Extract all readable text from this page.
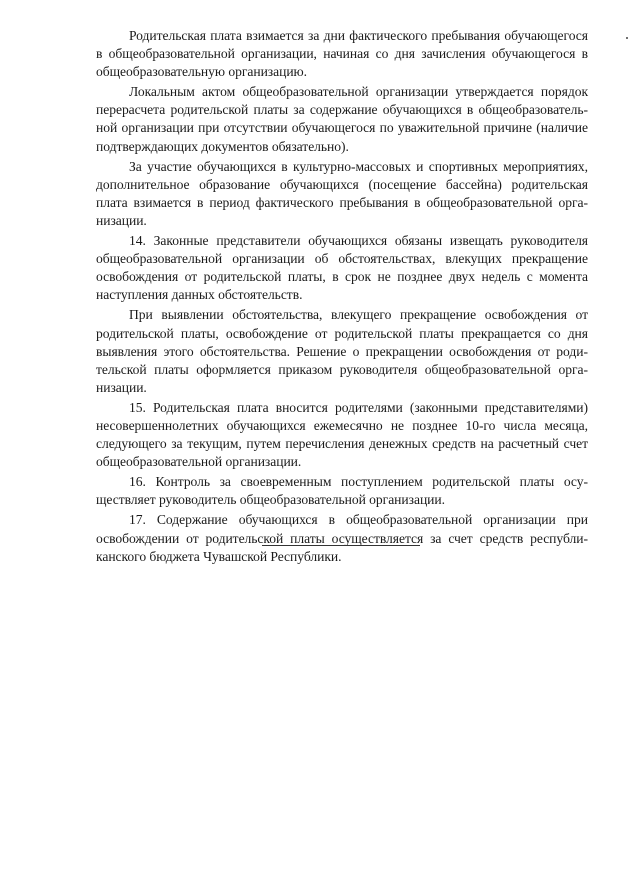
Родительская плата взимается за дни фактического пребывания обучающегося в общеобразовательной организации, начиная со дня зачисления обучающегося в общеобразовательную организацию.

Локальным актом общеобразовательной организации утверждается порядок перерасчета родительской платы за содержание обучающихся в общеобразовательной организации при отсутствии обучающегося по уважительной причине (наличие подтверждающих документов обязательно).

За участие обучающихся в культурно-массовых и спортивных мероприятиях, дополнительное образование обучающихся (посещение бассейна) родительская плата взимается в период фактического пребывания в общеобразовательной организации.

14. Законные представители обучающихся обязаны извещать руководителя общеобразовательной организации об обстоятельствах, влекущих прекращение освобождения от родительской платы, в срок не позднее двух недель с момента наступления данных обстоятельств.

При выявлении обстоятельства, влекущего прекращение освобождения от родительской платы, освобождение от родительской платы прекращается со дня выявления этого обстоятельства. Решение о прекращении освобождения от родительской платы оформляется приказом руководителя общеобразовательной организации.

15. Родительская плата вносится родителями (законными представителями) несовершеннолетних обучающихся ежемесячно не позднее 10-го числа месяца, следующего за текущим, путем перечисления денежных средств на расчетный счет общеобразовательной организации.

16. Контроль за своевременным поступлением родительской платы осуществляет руководитель общеобразовательной организации.

17. Содержание обучающихся в общеобразовательной организации при освобождении от родительской платы осуществляется за счет средств республиканского бюджета Чувашской Республики.
